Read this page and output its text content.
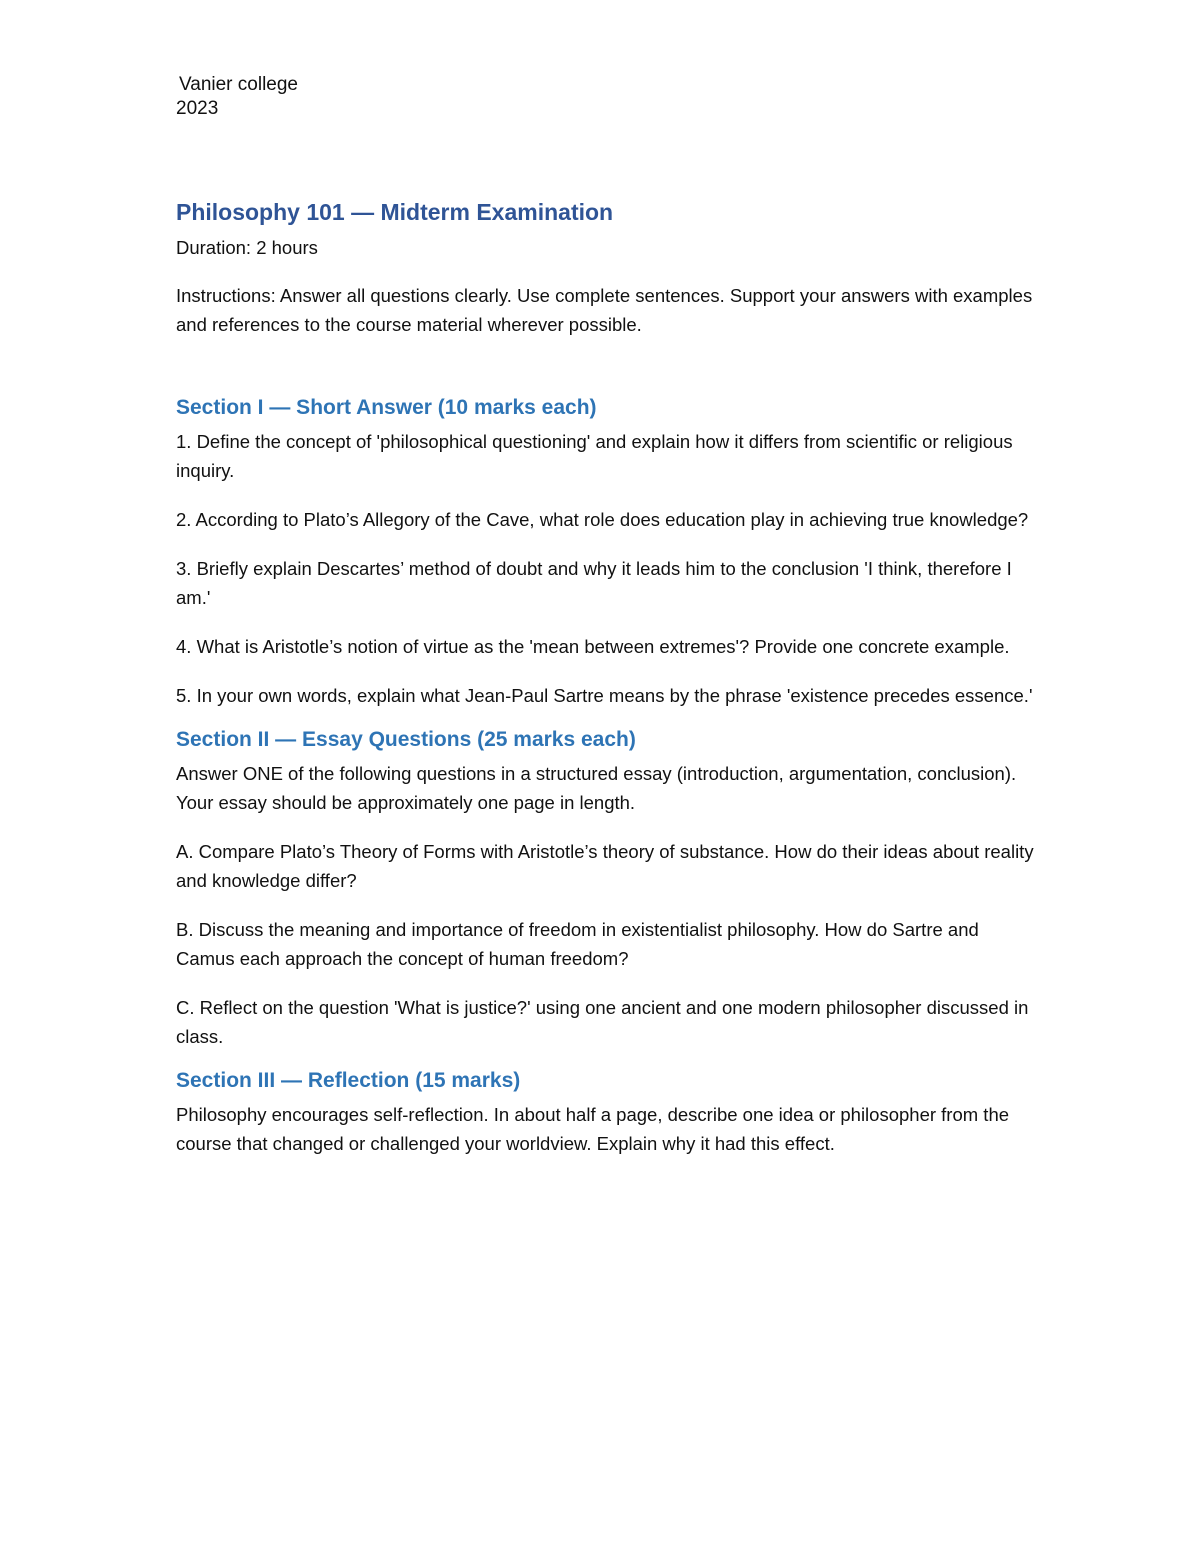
Vanier college
2023
Philosophy 101 — Midterm Examination

Duration: 2 hours

Instructions: Answer all questions clearly. Use complete sentences. Support your answers with examples and references to the course material wherever possible.

Section I — Short Answer (10 marks each)

1. Define the concept of 'philosophical questioning' and explain how it differs from scientific or religious inquiry.

2. According to Plato’s Allegory of the Cave, what role does education play in achieving true knowledge?

3. Briefly explain Descartes’ method of doubt and why it leads him to the conclusion 'I think, therefore I am.'

4. What is Aristotle’s notion of virtue as the 'mean between extremes'? Provide one concrete example.

5. In your own words, explain what Jean-Paul Sartre means by the phrase 'existence precedes essence.'

Section II — Essay Questions (25 marks each)

Answer ONE of the following questions in a structured essay (introduction, argumentation, conclusion). Your essay should be approximately one page in length.

A. Compare Plato’s Theory of Forms with Aristotle’s theory of substance. How do their ideas about reality and knowledge differ?

B. Discuss the meaning and importance of freedom in existentialist philosophy. How do Sartre and Camus each approach the concept of human freedom?

C. Reflect on the question 'What is justice?' using one ancient and one modern philosopher discussed in class.

Section III — Reflection (15 marks)

Philosophy encourages self-reflection. In about half a page, describe one idea or philosopher from the course that changed or challenged your worldview. Explain why it had this effect.
